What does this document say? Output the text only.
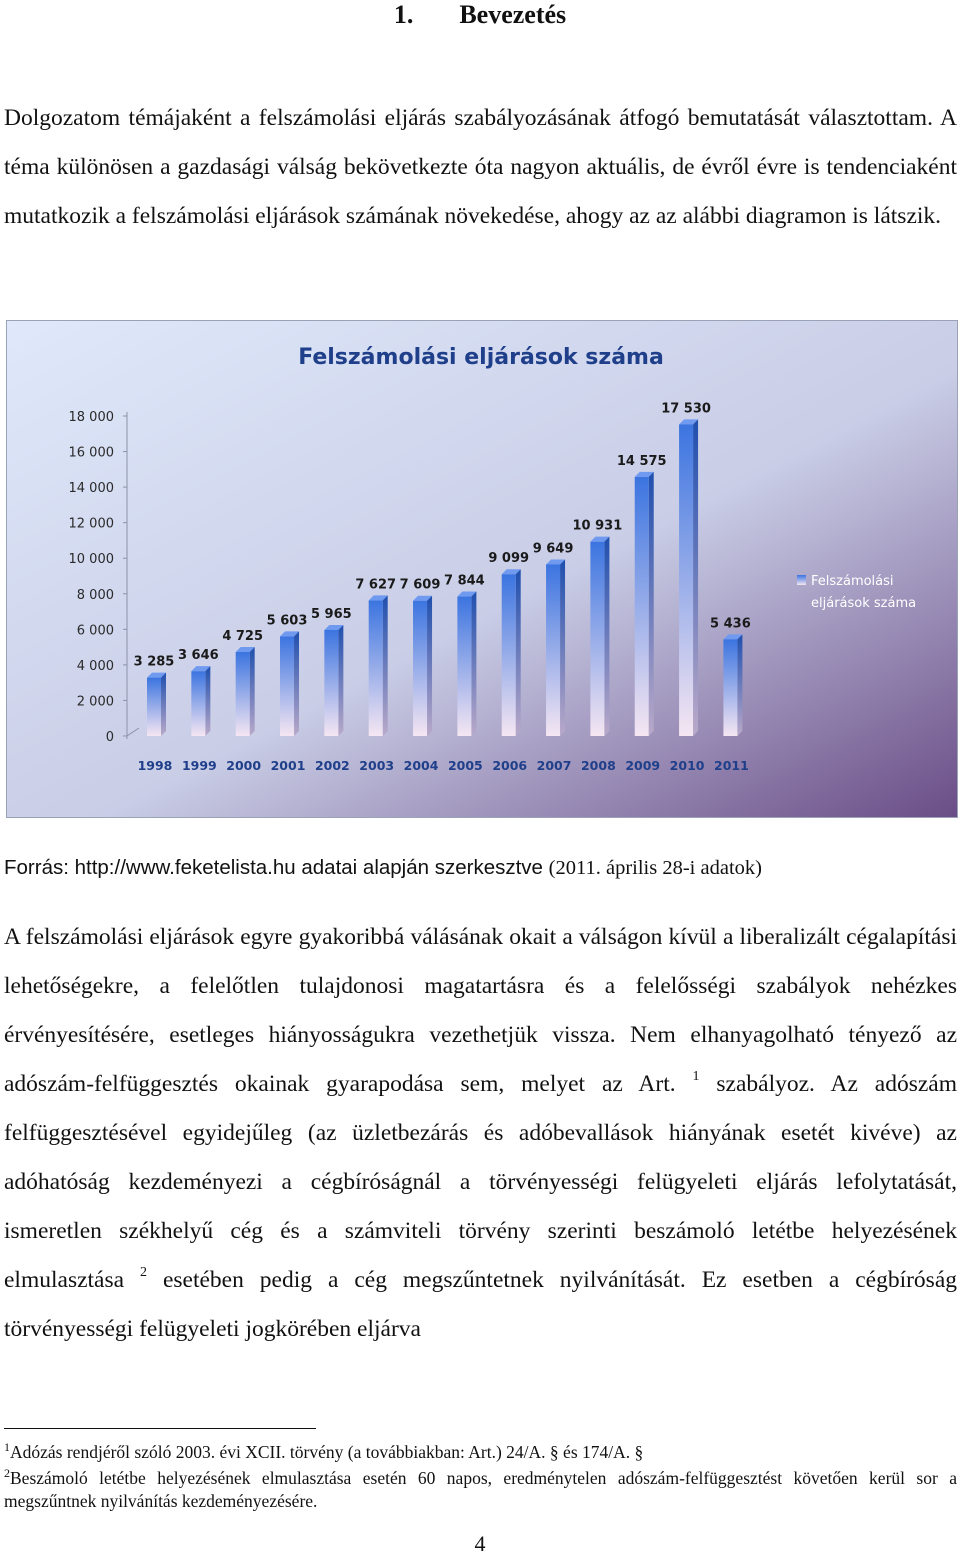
1. Bevezetés

Dolgozatom témájaként a felszámolási eljárás szabályozásának átfogó bemutatását választottam. A téma különösen a gazdasági válság bekövetkezte óta nagyon aktuális, de évről évre is tendenciaként mutatkozik a felszámolási eljárások számának növekedése, ahogy az az alábbi diagramon is látszik.

Felszámolási eljárások száma
0
2 000
4 000
6 000
8 000
10 000
12 000
14 000
16 000
18 000
3 285 3 646
4 725
5 603 5 965
7 627 7 609 7 844
9 099
9 649
10 931
14 575
17 530
5 436
1998 1999 2000 2001 2002 2003 2004 2005 2006 2007 2008 2009 2010 2011
Felszámolási
eljárások száma
Forrás: http://www.feketelista.hu adatai alapján szerkesztve (2011. április 28-i adatok)

A felszámolási eljárások egyre gyakoribbá válásának okait a válságon kívül a liberalizált cégalapítási lehetőségekre, a felelőtlen tulajdonosi magatartásra és a felelősségi szabályok nehézkes érvényesítésére, esetleges hiányosságukra vezethetjük vissza. Nem elhanyagolható tényező az adószám-felfüggesztés okainak gyarapodása sem, melyet az Art. $^1$ szabályoz. Az adószám felfüggesztésével egyidejűleg (az üzletbezárás és adóbevallások hiányának esetét kivéve) az adóhatóság kezdeményezi a cégbíróságnál a törvényességi felügyeleti eljárás lefolytatását, ismeretlen székhelyű cég és a számviteli törvény szerinti beszámoló letétbe helyezésének elmulasztása $^2$ esetében pedig a cég megszűntetnek nyilvánítását. Ez esetben a cégbíróság törvényességi felügyeleti jogkörében eljárva

$^1$Adózás rendjéről szóló 2003. évi XCII. törvény (a továbbiakban: Art.) 24/A. § és 174/A. §

$^2$Beszámoló letétbe helyezésének elmulasztása esetén 60 napos, eredménytelen adószám-felfüggesztést követően kerül sor a megszűntnek nyilvánítás kezdeményezésére.

4
